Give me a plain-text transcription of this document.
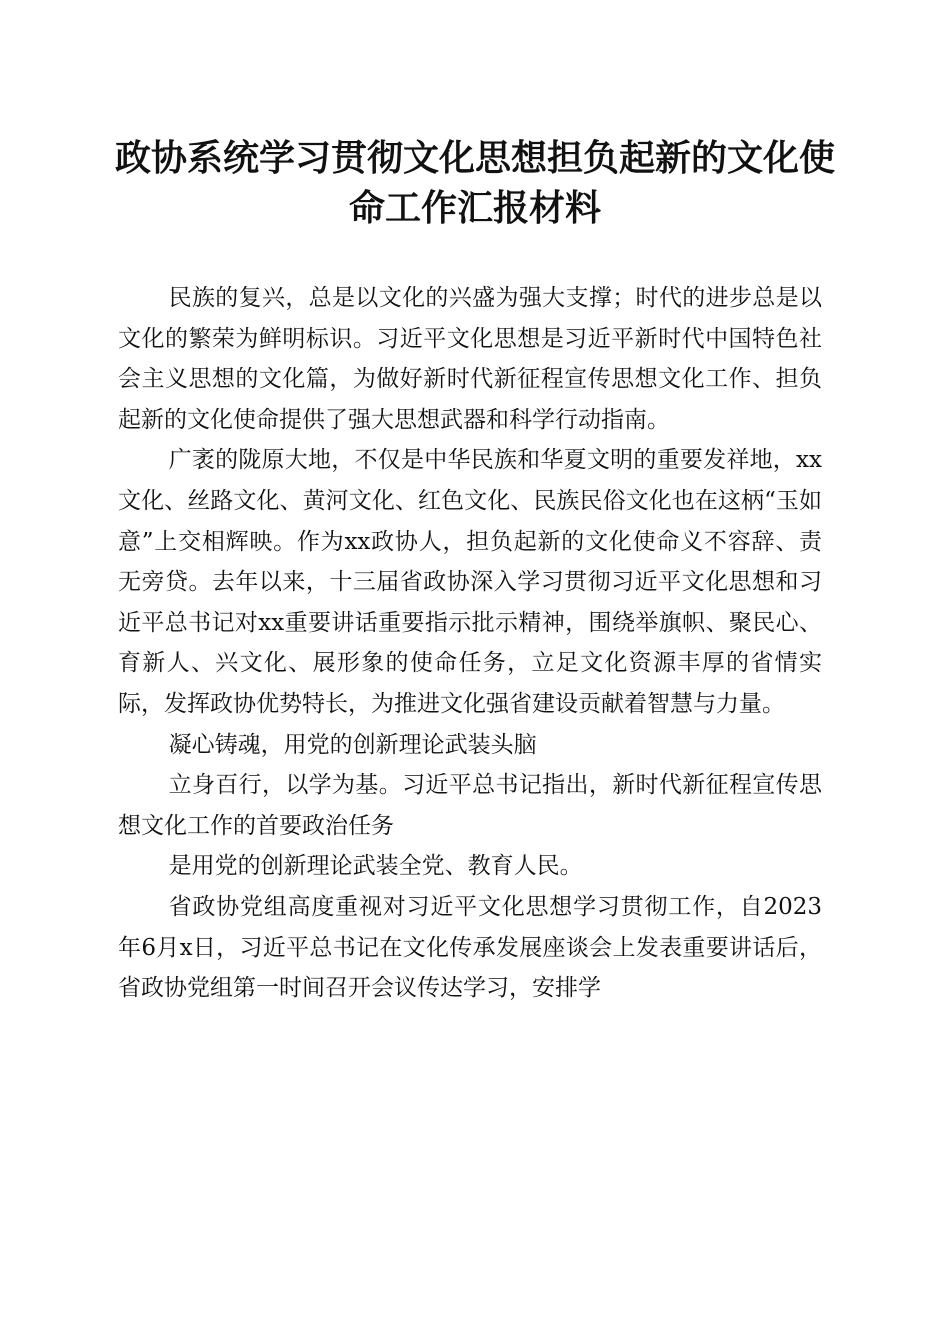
政协系统学习贯彻文化思想担负起新的文化使命工作汇报材料

民族的复兴，总是以文化的兴盛为强大支撑；时代的进步总是以文化的繁荣为鲜明标识。习近平文化思想是习近平新时代中国特色社会主义思想的文化篇，为做好新时代新征程宣传思想文化工作、担负起新的文化使命提供了强大思想武器和科学行动指南。

广袤的陇原大地，不仅是中华民族和华夏文明的重要发祥地，xx文化、丝路文化、黄河文化、红色文化、民族民俗文化也在这柄“玉如意”上交相辉映。作为xx政协人，担负起新的文化使命义不容辞、责无旁贷。去年以来，十三届省政协深入学习贯彻习近平文化思想和习近平总书记对xx重要讲话重要指示批示精神，围绕举旗帜、聚民心、育新人、兴文化、展形象的使命任务，立足文化资源丰厚的省情实际，发挥政协优势特长，为推进文化强省建设贡献着智慧与力量。

凝心铸魂，用党的创新理论武装头脑

立身百行，以学为基。习近平总书记指出，新时代新征程宣传思想文化工作的首要政治任务

是用党的创新理论武装全党、教育人民。

省政协党组高度重视对习近平文化思想学习贯彻工作，自2023年6月x日，习近平总书记在文化传承发展座谈会上发表重要讲话后，省政协党组第一时间召开会议传达学习，安排学
